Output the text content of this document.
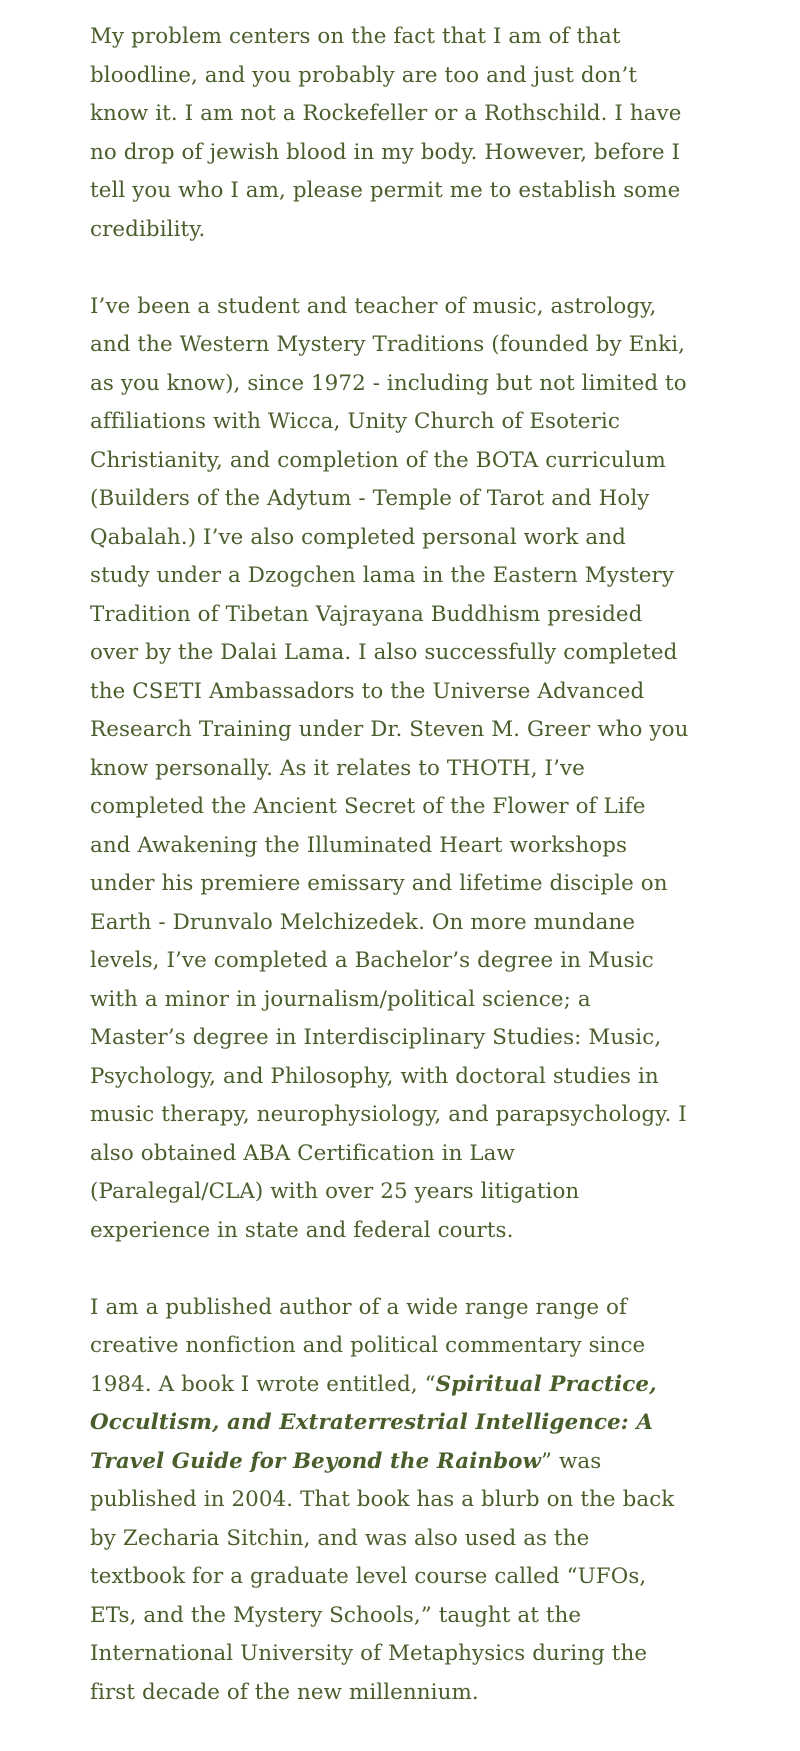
My problem centers on the fact that I am of that bloodline, and you probably are too and just don’t know it. I am not a Rockefeller or a Rothschild. I have no drop of jewish blood in my body. However, before I tell you who I am, please permit me to establish some credibility.

I’ve been a student and teacher of music, astrology, and the Western Mystery Traditions (founded by Enki, as you know), since 1972 - including but not limited to affiliations with Wicca, Unity Church of Esoteric Christianity, and completion of the BOTA curriculum (Builders of the Adytum - Temple of Tarot and Holy Qabalah.) I’ve also completed personal work and study under a Dzogchen lama in the Eastern Mystery Tradition of Tibetan Vajrayana Buddhism presided over by the Dalai Lama. I also successfully completed the CSETI Ambassadors to the Universe Advanced Research Training under Dr. Steven M. Greer who you know personally. As it relates to THOTH, I’ve completed the Ancient Secret of the Flower of Life and Awakening the Illuminated Heart workshops under his premiere emissary and lifetime disciple on Earth - Drunvalo Melchizedek. On more mundane levels, I’ve completed a Bachelor’s degree in Music with a minor in journalism/political science; a Master’s degree in Interdisciplinary Studies: Music, Psychology, and Philosophy, with doctoral studies in music therapy, neurophysiology, and parapsychology. I also obtained ABA Certification in Law (Paralegal/CLA) with over 25 years litigation experience in state and federal courts.

I am a published author of a wide range range of creative nonfiction and political commentary since 1984. A book I wrote entitled, “Spiritual Practice, Occultism, and Extraterrestrial Intelligence: A Travel Guide for Beyond the Rainbow” was published in 2004. That book has a blurb on the back by Zecharia Sitchin, and was also used as the textbook for a graduate level course called “UFOs, ETs, and the Mystery Schools,” taught at the International University of Metaphysics during the first decade of the new millennium.
